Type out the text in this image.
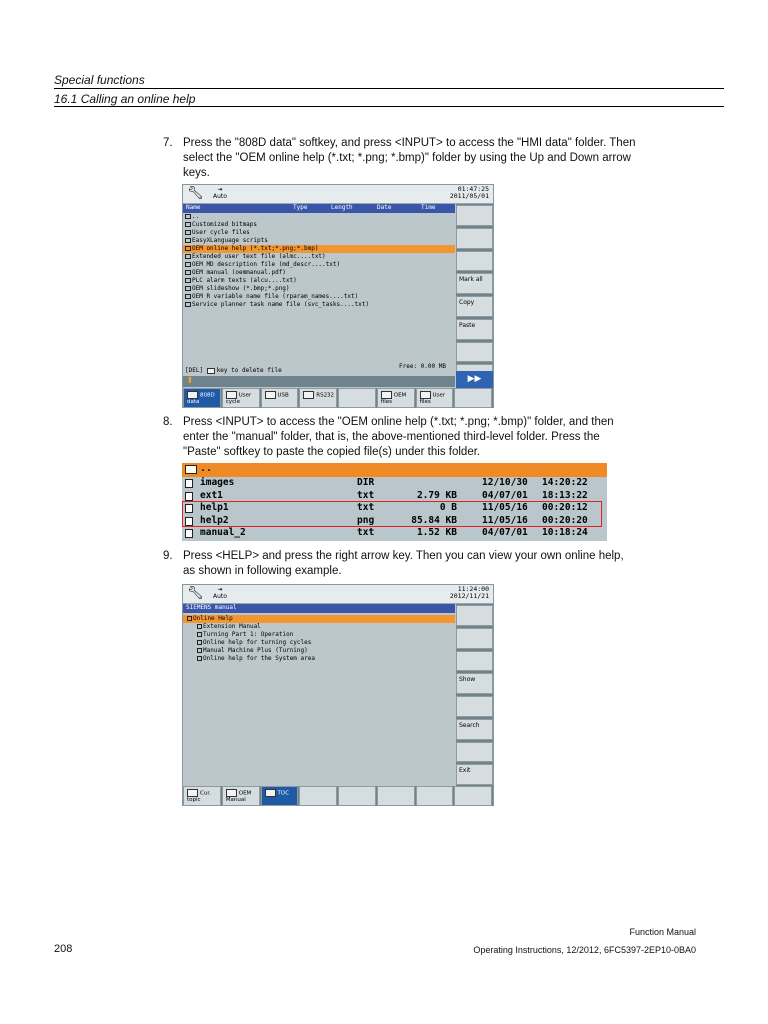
Special functions
16.1 Calling an online help
7. Press the "808D data" softkey, and press <INPUT> to access the "HMI data" folder. Then
select the "OEM online help (*.txt; *.png; *.bmp)" folder by using the Up and Down arrow
keys.
🔧︎	⇥
Auto
01:47:25
2011/05/01
Name	Type	Length	Date	Time
..
Customized bitmaps
User cycle files
EasyXLanguage scripts
OEM online help (*.txt;*.png;*.bmp)
Extended user text file (almc....txt)
OEM MD description file (md_descr....txt)
OEM manual (oemmanual.pdf)
PLC alarm texts (alcu....txt)
OEM slideshow (*.bmp;*.png)
OEM R variable name file (rparam_names....txt)
Service planner task name file (svc_tasks....txt)
[DEL] key to delete file
Free: 0.00 MB
⬆
Mark all
Copy
Paste
▶▶
808D data
User cycle
USB	RS232	OEM files
User files
8. Press <INPUT> to access the "OEM online help (*.txt; *.png; *.bmp)" folder, and then
enter the "manual" folder, that is, the above-mentioned third-level folder. Press the
"Paste" softkey to paste the copied file(s) under this folder.
..
images	DIR	12/10/30 14:20:22
ext1	txt	2.79 KB	04/07/01 18:13:22
help1	txt	0 B	11/05/16 00:20:12
help2	png	85.84 KB	11/05/16 00:20:20
manual_2	txt	1.52 KB	04/07/01 10:18:24
9. Press <HELP> and press the right arrow key. Then you can view your own online help,
as shown in following example.
🔧︎	⇥
Auto
11:24:00
2012/11/21
SIEMENS manual
Online Help
Extension Manual
Turning Part 1: Operation
Online help for turning cycles
Manual Machine Plus (Turning)
Online help for the System area
Show
Search
Exit
Cur. topic
OEM Manual
TOC
Function Manual
208	Operating Instructions, 12/2012, 6FC5397-2EP10-0BA0
